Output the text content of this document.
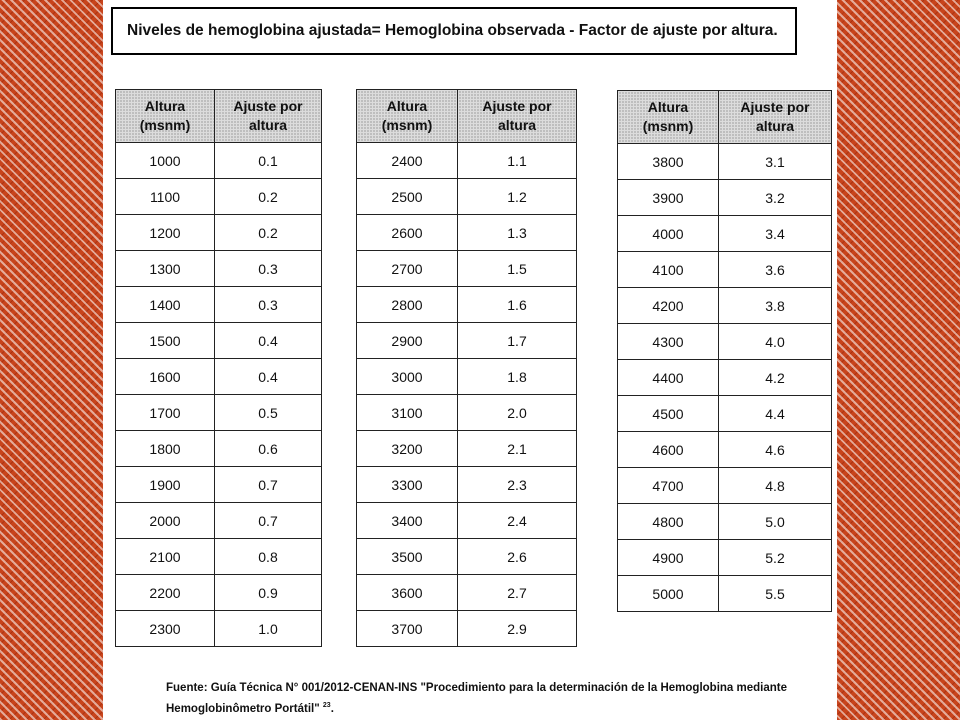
Niveles de hemoglobina ajustada= Hemoglobina observada - Factor de ajuste por altura.
Altura
(msnm)	Ajuste por
altura
1000	0.1
1100	0.2
1200	0.2
1300	0.3
1400	0.3
1500	0.4
1600	0.4
1700	0.5
1800	0.6
1900	0.7
2000	0.7
2100	0.8
2200	0.9
2300	1.0
Altura
(msnm)	Ajuste por
altura
2400	1.1
2500	1.2
2600	1.3
2700	1.5
2800	1.6
2900	1.7
3000	1.8
3100	2.0
3200	2.1
3300	2.3
3400	2.4
3500	2.6
3600	2.7
3700	2.9
Altura
(msnm)	Ajuste por
altura
3800	3.1
3900	3.2
4000	3.4
4100	3.6
4200	3.8
4300	4.0
4400	4.2
4500	4.4
4600	4.6
4700	4.8
4800	5.0
4900	5.2
5000	5.5
Fuente: Guía Técnica N° 001/2012-CENAN-INS "Procedimiento para la determinación de la Hemoglobina mediante
Hemoglobinômetro Portátil" $^{23}$.
